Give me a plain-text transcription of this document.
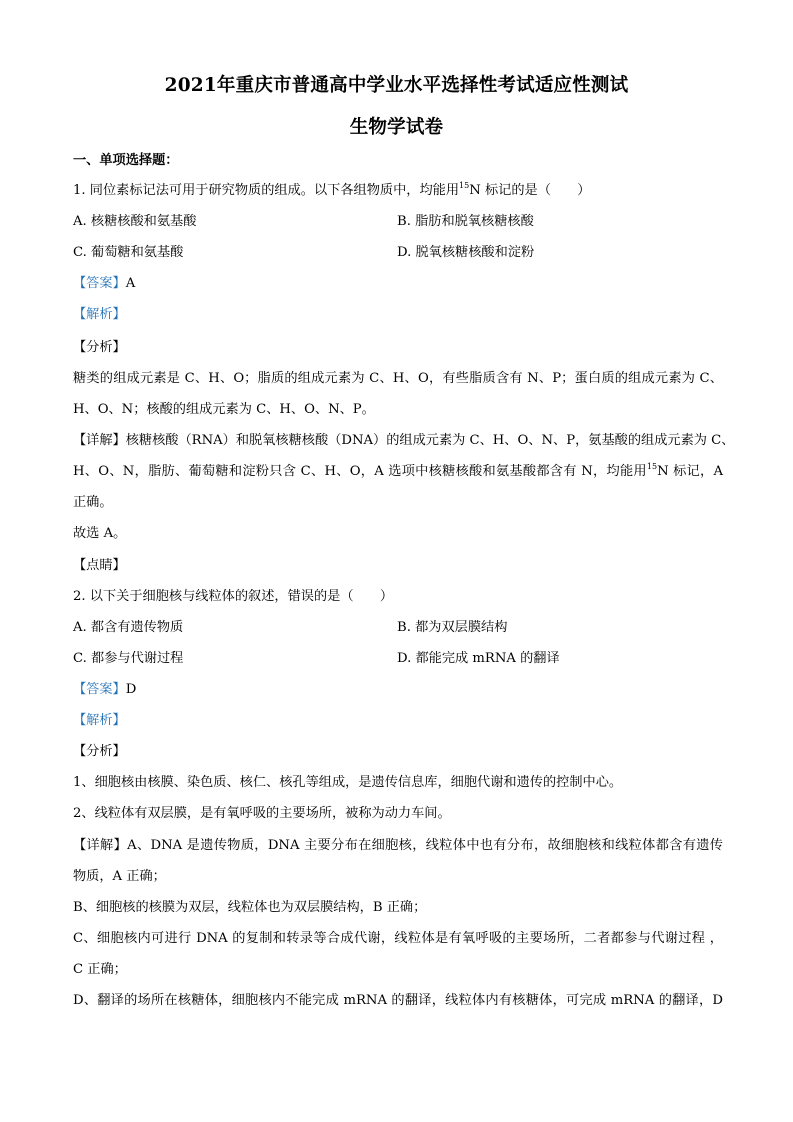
2021年重庆市普通高中学业水平选择性考试适应性测试
生物学试卷
一、单项选择题：
1. 同位素标记法可用于研究物质的组成。以下各组物质中，均能用$^{15}$N 标记的是（　　）
A. 核糖核酸和氨基酸	B. 脂肪和脱氧核糖核酸
C. 葡萄糖和氨基酸	D. 脱氧核糖核酸和淀粉
【答案】A
【解析】
【分析】
糖类的组成元素是 C、H、O；脂质的组成元素为 C、H、O，有些脂质含有 N、P；蛋白质的组成元素为 C、
H、O、N；核酸的组成元素为 C、H、O、N、P。
【详解】核糖核酸（RNA）和脱氧核糖核酸（DNA）的组成元素为 C、H、O、N、P，氨基酸的组成元素为 C、
H、O、N，脂肪、葡萄糖和淀粉只含 C、H、O，A 选项中核糖核酸和氨基酸都含有 N，均能用$^{15}$N 标记，A
正确。
故选 A。
【点睛】
2. 以下关于细胞核与线粒体的叙述，错误的是（　　）
A. 都含有遗传物质	B. 都为双层膜结构
C. 都参与代谢过程	D. 都能完成 mRNA 的翻译
【答案】D
【解析】
【分析】
1、细胞核由核膜、染色质、核仁、核孔等组成，是遗传信息库，细胞代谢和遗传的控制中心。
2、线粒体有双层膜，是有氧呼吸的主要场所，被称为动力车间。
【详解】A、DNA 是遗传物质，DNA 主要分布在细胞核，线粒体中也有分布，故细胞核和线粒体都含有遗传
物质，A 正确；
B、细胞核的核膜为双层，线粒体也为双层膜结构，B 正确；
C、细胞核内可进行 DNA 的复制和转录等合成代谢，线粒体是有氧呼吸的主要场所，二者都参与代谢过程 ，
C 正确；
D、翻译的场所在核糖体，细胞核内不能完成 mRNA 的翻译，线粒体内有核糖体，可完成 mRNA 的翻译，D
